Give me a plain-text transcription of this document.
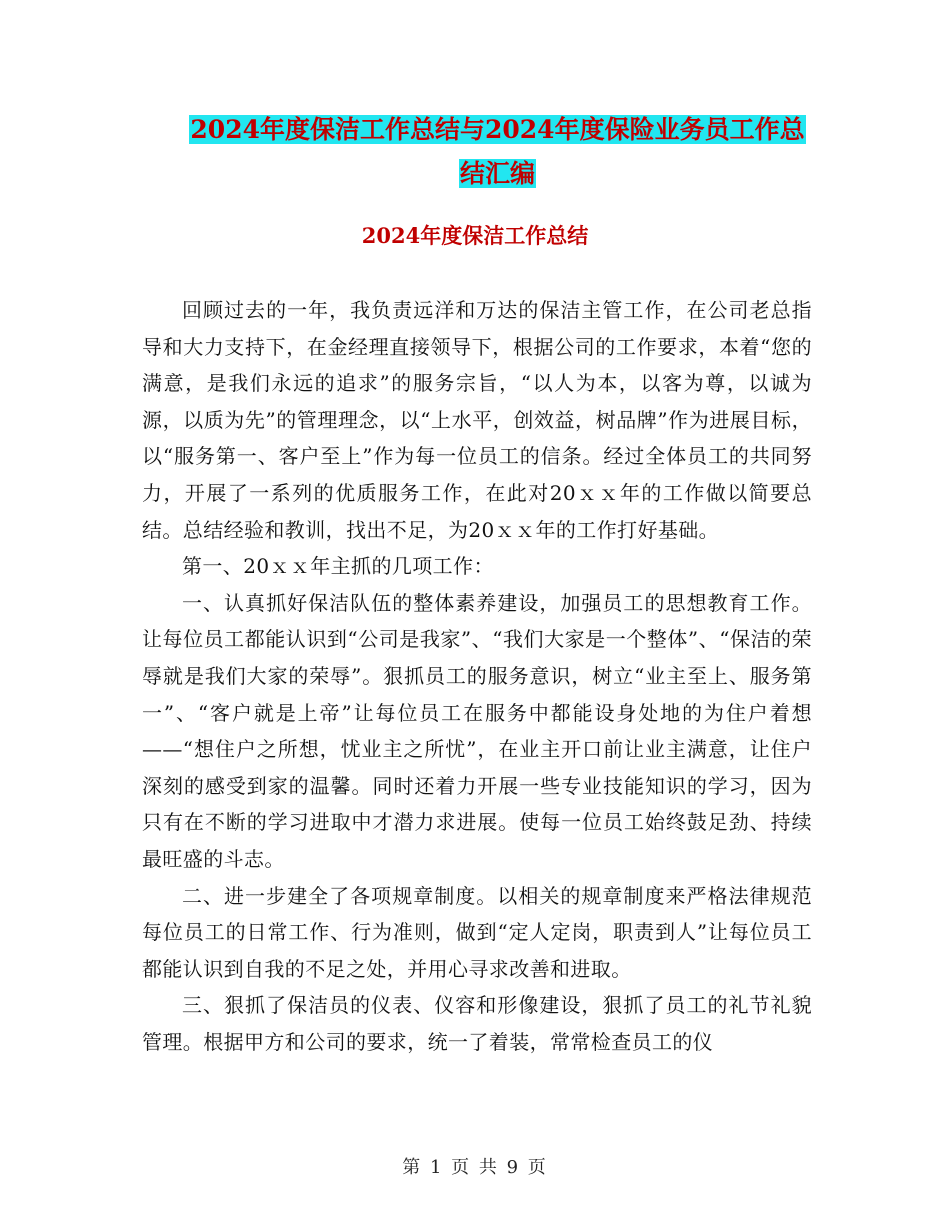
2024年度保洁工作总结与2024年度保险业务员工作总
结汇编
2024年度保洁工作总结

回顾过去的一年，我负责远洋和万达的保洁主管工作，在公司老总指导和大力支持下，在金经理直接领导下，根据公司的工作要求，本着“您的满意，是我们永远的追求”的服务宗旨，“以人为本，以客为尊，以诚为源，以质为先”的管理理念，以“上水平，创效益，树品牌”作为进展目标，以“服务第一、客户至上”作为每一位员工的信条。经过全体员工的共同努力，开展了一系列的优质服务工作，在此对20ｘｘ年的工作做以简要总结。总结经验和教训，找出不足，为20ｘｘ年的工作打好基础。

第一、20ｘｘ年主抓的几项工作：

一、认真抓好保洁队伍的整体素养建设，加强员工的思想教育工作。让每位员工都能认识到“公司是我家”、“我们大家是一个整体”、“保洁的荣辱就是我们大家的荣辱”。狠抓员工的服务意识，树立“业主至上、服务第一”、“客户就是上帝”让每位员工在服务中都能设身处地的为住户着想——“想住户之所想，忧业主之所忧”，在业主开口前让业主满意，让住户深刻的感受到家的温馨。同时还着力开展一些专业技能知识的学习，因为只有在不断的学习进取中才潜力求进展。使每一位员工始终鼓足劲、持续最旺盛的斗志。

二、进一步建全了各项规章制度。以相关的规章制度来严格法律规范每位员工的日常工作、行为准则，做到“定人定岗，职责到人”让每位员工都能认识到自我的不足之处，并用心寻求改善和进取。

三、狠抓了保洁员的仪表、仪容和形像建设，狠抓了员工的礼节礼貌管理。根据甲方和公司的要求，统一了着装，常常检查员工的仪

第 1 页 共 9 页
